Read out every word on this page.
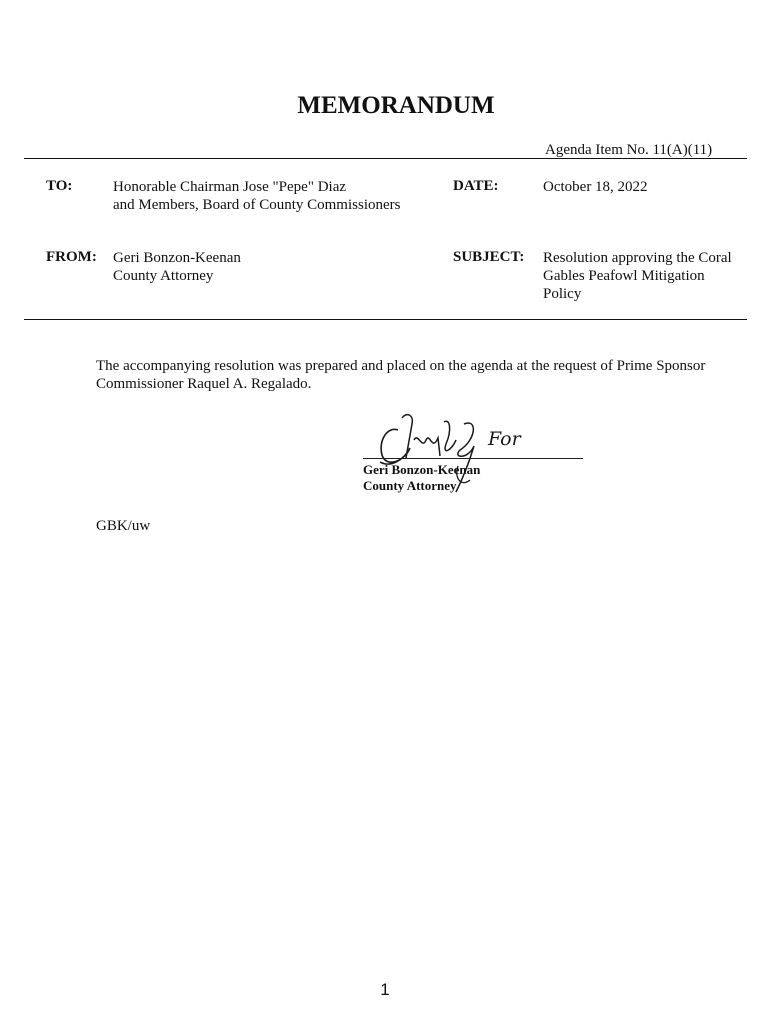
MEMORANDUM
Agenda Item No. 11(A)(11)
TO:	Honorable Chairman Jose "Pepe" Diaz
and Members, Board of County Commissioners
DATE:	October 18, 2022
FROM: Geri Bonzon-Keenan
County Attorney
SUBJECT: Resolution approving the Coral
Gables Peafowl Mitigation
Policy
The accompanying resolution was prepared and placed on the agenda at the request of Prime Sponsor
Commissioner Raquel A. Regalado.
For
Geri Bonzon-Keenan
County Attorney
GBK/uw
1
